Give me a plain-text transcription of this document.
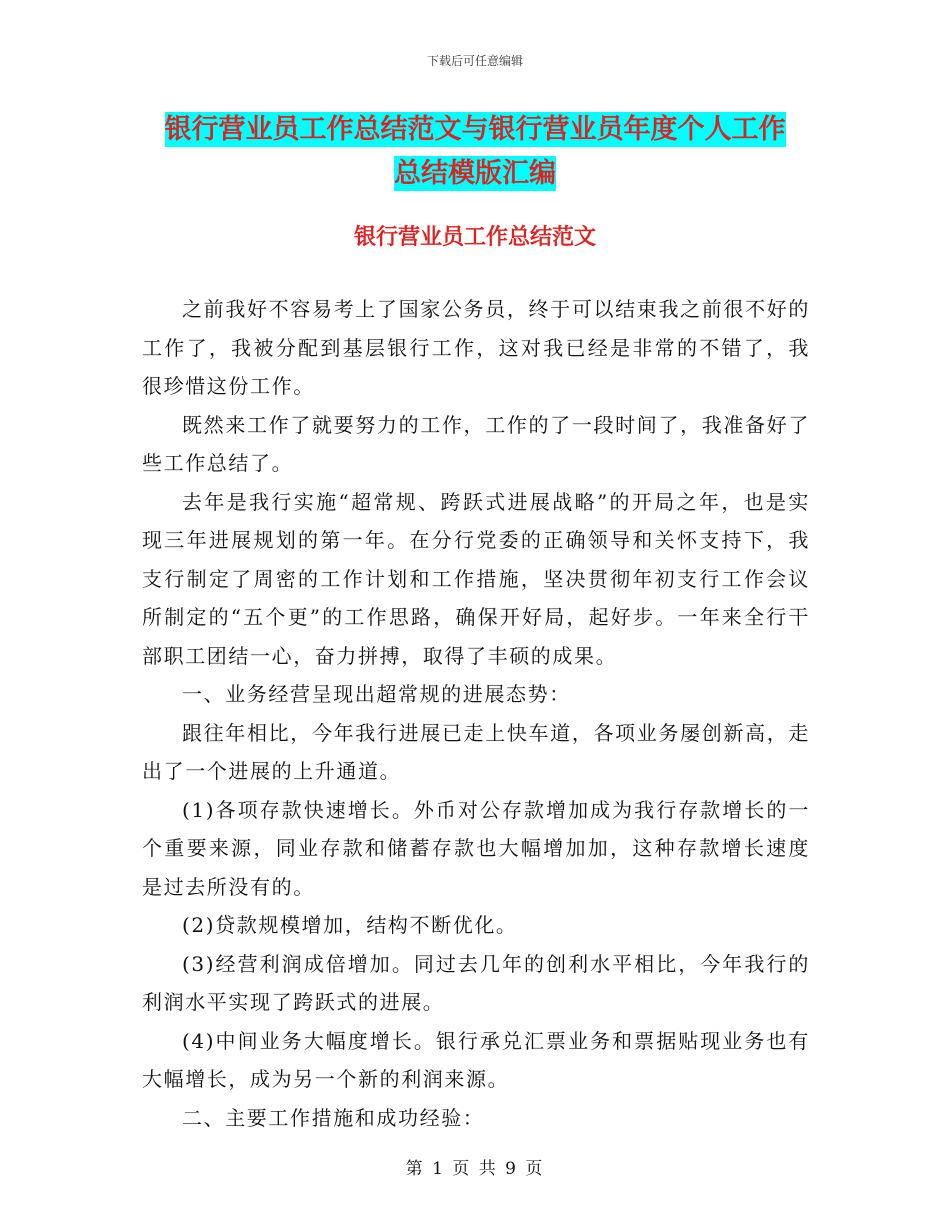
下载后可任意编辑
银行营业员工作总结范文与银行营业员年度个人工作
总结模版汇编
银行营业员工作总结范文

之前我好不容易考上了国家公务员，终于可以结束我之前很不好的工作了，我被分配到基层银行工作，这对我已经是非常的不错了，我很珍惜这份工作。

既然来工作了就要努力的工作，工作的了一段时间了，我准备好了些工作总结了。

去年是我行实施“超常规、跨跃式进展战略”的开局之年，也是实现三年进展规划的第一年。在分行党委的正确领导和关怀支持下，我支行制定了周密的工作计划和工作措施，坚决贯彻年初支行工作会议所制定的“五个更”的工作思路，确保开好局，起好步。一年来全行干部职工团结一心，奋力拼搏，取得了丰硕的成果。

一、业务经营呈现出超常规的进展态势：

跟往年相比，今年我行进展已走上快车道，各项业务屡创新高，走出了一个进展的上升通道。

(1)各项存款快速增长。外币对公存款增加成为我行存款增长的一个重要来源，同业存款和储蓄存款也大幅增加加，这种存款增长速度是过去所没有的。

(2)贷款规模增加，结构不断优化。

(3)经营利润成倍增加。同过去几年的创利水平相比，今年我行的利润水平实现了跨跃式的进展。

(4)中间业务大幅度增长。银行承兑汇票业务和票据贴现业务也有大幅增长，成为另一个新的利润来源。

二、主要工作措施和成功经验：

第 1 页 共 9 页
